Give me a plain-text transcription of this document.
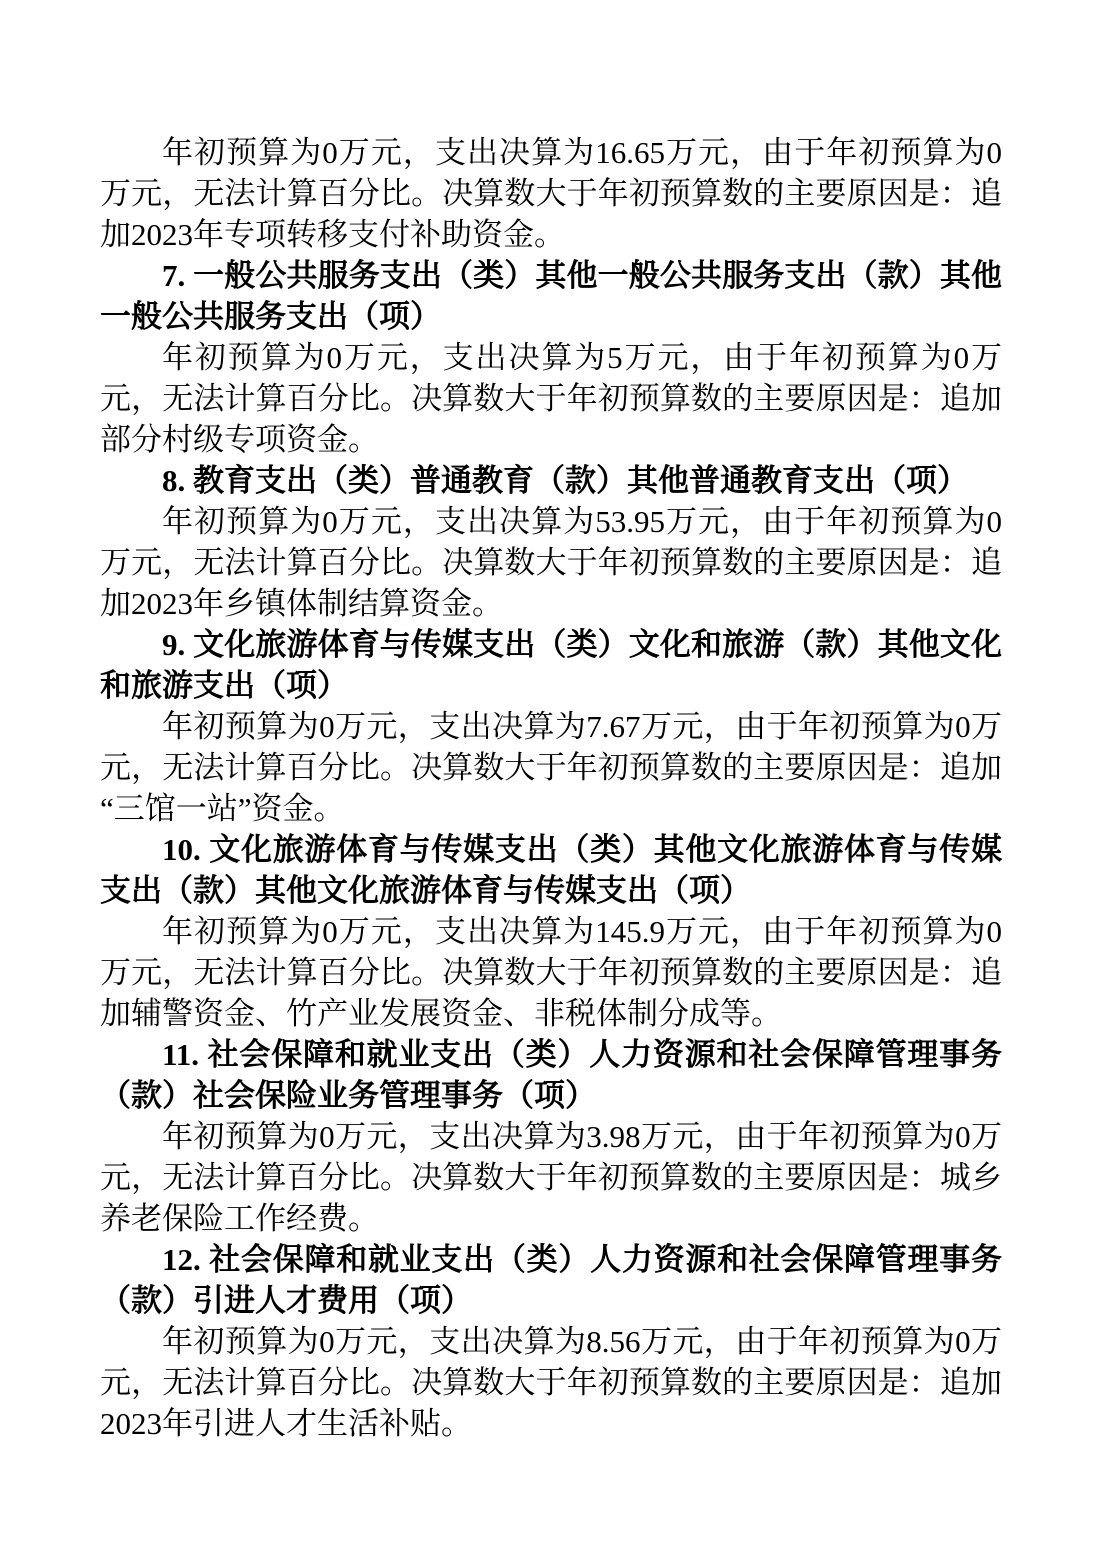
年初预算为0万元，支出决算为16.65万元，由于年初预算为0万元，无法计算百分比。决算数大于年初预算数的主要原因是：追加2023年专项转移支付补助资金。

7. 一般公共服务支出（类）其他一般公共服务支出（款）其他一般公共服务支出（项）

年初预算为0万元，支出决算为5万元，由于年初预算为0万元，无法计算百分比。决算数大于年初预算数的主要原因是：追加部分村级专项资金。

8. 教育支出（类）普通教育（款）其他普通教育支出（项）

年初预算为0万元，支出决算为53.95万元，由于年初预算为0万元，无法计算百分比。决算数大于年初预算数的主要原因是：追加2023年乡镇体制结算资金。

9. 文化旅游体育与传媒支出（类）文化和旅游（款）其他文化和旅游支出（项）

年初预算为0万元，支出决算为7.67万元，由于年初预算为0万元，无法计算百分比。决算数大于年初预算数的主要原因是：追加“三馆一站”资金。

10. 文化旅游体育与传媒支出（类）其他文化旅游体育与传媒支出（款）其他文化旅游体育与传媒支出（项）

年初预算为0万元，支出决算为145.9万元，由于年初预算为0万元，无法计算百分比。决算数大于年初预算数的主要原因是：追加辅警资金、竹产业发展资金、非税体制分成等。

11. 社会保障和就业支出（类）人力资源和社会保障管理事务（款）社会保险业务管理事务（项）

年初预算为0万元，支出决算为3.98万元，由于年初预算为0万元，无法计算百分比。决算数大于年初预算数的主要原因是：城乡养老保险工作经费。

12. 社会保障和就业支出（类）人力资源和社会保障管理事务（款）引进人才费用（项）

年初预算为0万元，支出决算为8.56万元，由于年初预算为0万元，无法计算百分比。决算数大于年初预算数的主要原因是：追加2023年引进人才生活补贴。
